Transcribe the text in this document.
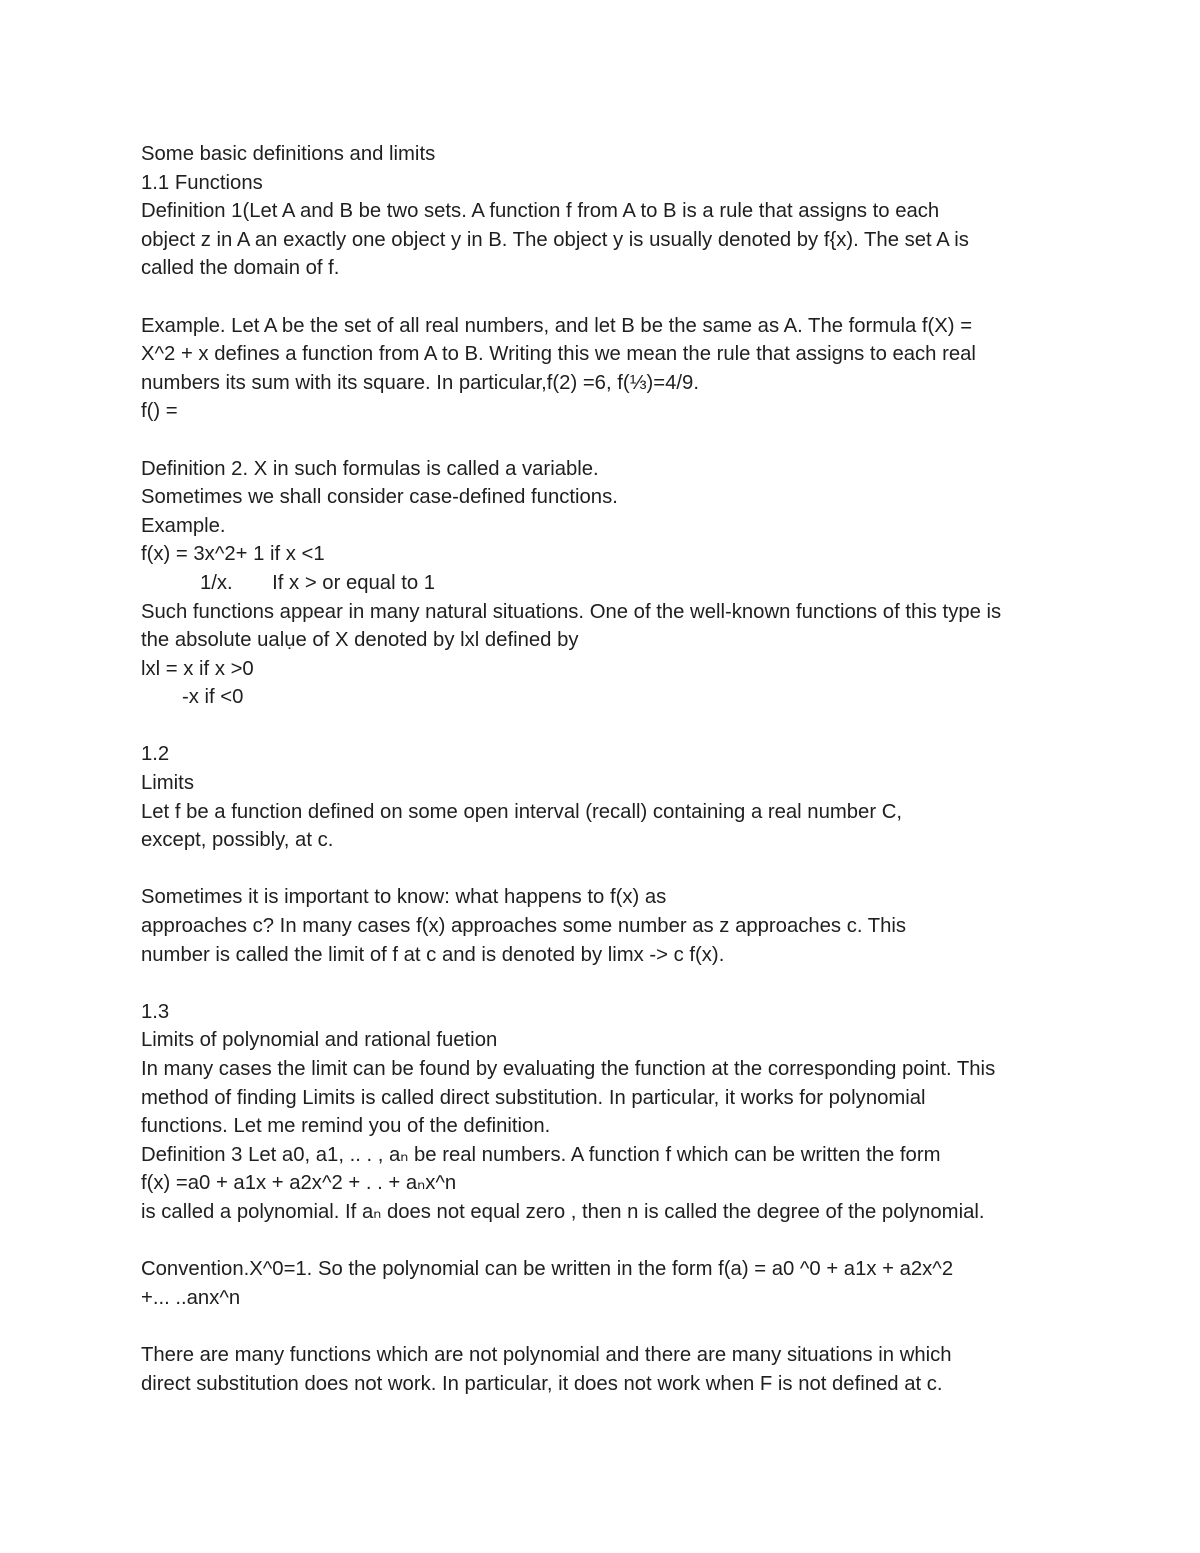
Some basic definitions and limits
1.1 Functions
Definition 1(Let A and B be two sets. A function f from A to B is a rule that assigns to each
object z in A an exactly one object y in B. The object y is usually denoted by f{x). The set A is
called the domain of f.
Example. Let A be the set of all real numbers, and let B be the same as A. The formula f(X) =
X^2 + x defines a function from A to B. Writing this we mean the rule that assigns to each real
numbers its sum with its square. In particular,f(2) =6, f(⅓)=4/9.
f() =
Definition 2. X in such formulas is called a variable.
Sometimes we shall consider case-defined functions.
Example.
f(x) = 3x^2+ 1 if x <1
1/x.       If x > or equal to 1
Such functions appear in many natural situations. One of the well-known functions of this type is
the absolute ualụe of X denoted by lxl defined by
lxl = x if x >0
-x if <0
1.2
Limits
Let f be a function defined on some open interval (recall) containing a real number C,
except, possibly, at c.
Sometimes it is important to know: what happens to f(x) as
approaches c? In many cases f(x) approaches some number as z approaches c. This
number is called the limit of f at c and is denoted by limx -> c f(x).
1.3
Limits of polynomial and rational fuetion
In many cases the limit can be found by evaluating the function at the corresponding point. This
method of finding Limits is called direct substitution. In particular, it works for polynomial
functions. Let me remind you of the definition.
Definition 3 Let a0, a1, .. . , aₙ be real numbers. A function f which can be written the form
f(x) =a0 + a1x + a2x^2 + . . + aₙx^n
is called a polynomial. If aₙ does not equal zero , then n is called the degree of the polynomial.
Convention.X^0=1. So the polynomial can be written in the form f(a) = a0 ^0 + a1x + a2x^2
+... ..anx^n
There are many functions which are not polynomial and there are many situations in which
direct substitution does not work. In particular, it does not work when F is not defined at c.
